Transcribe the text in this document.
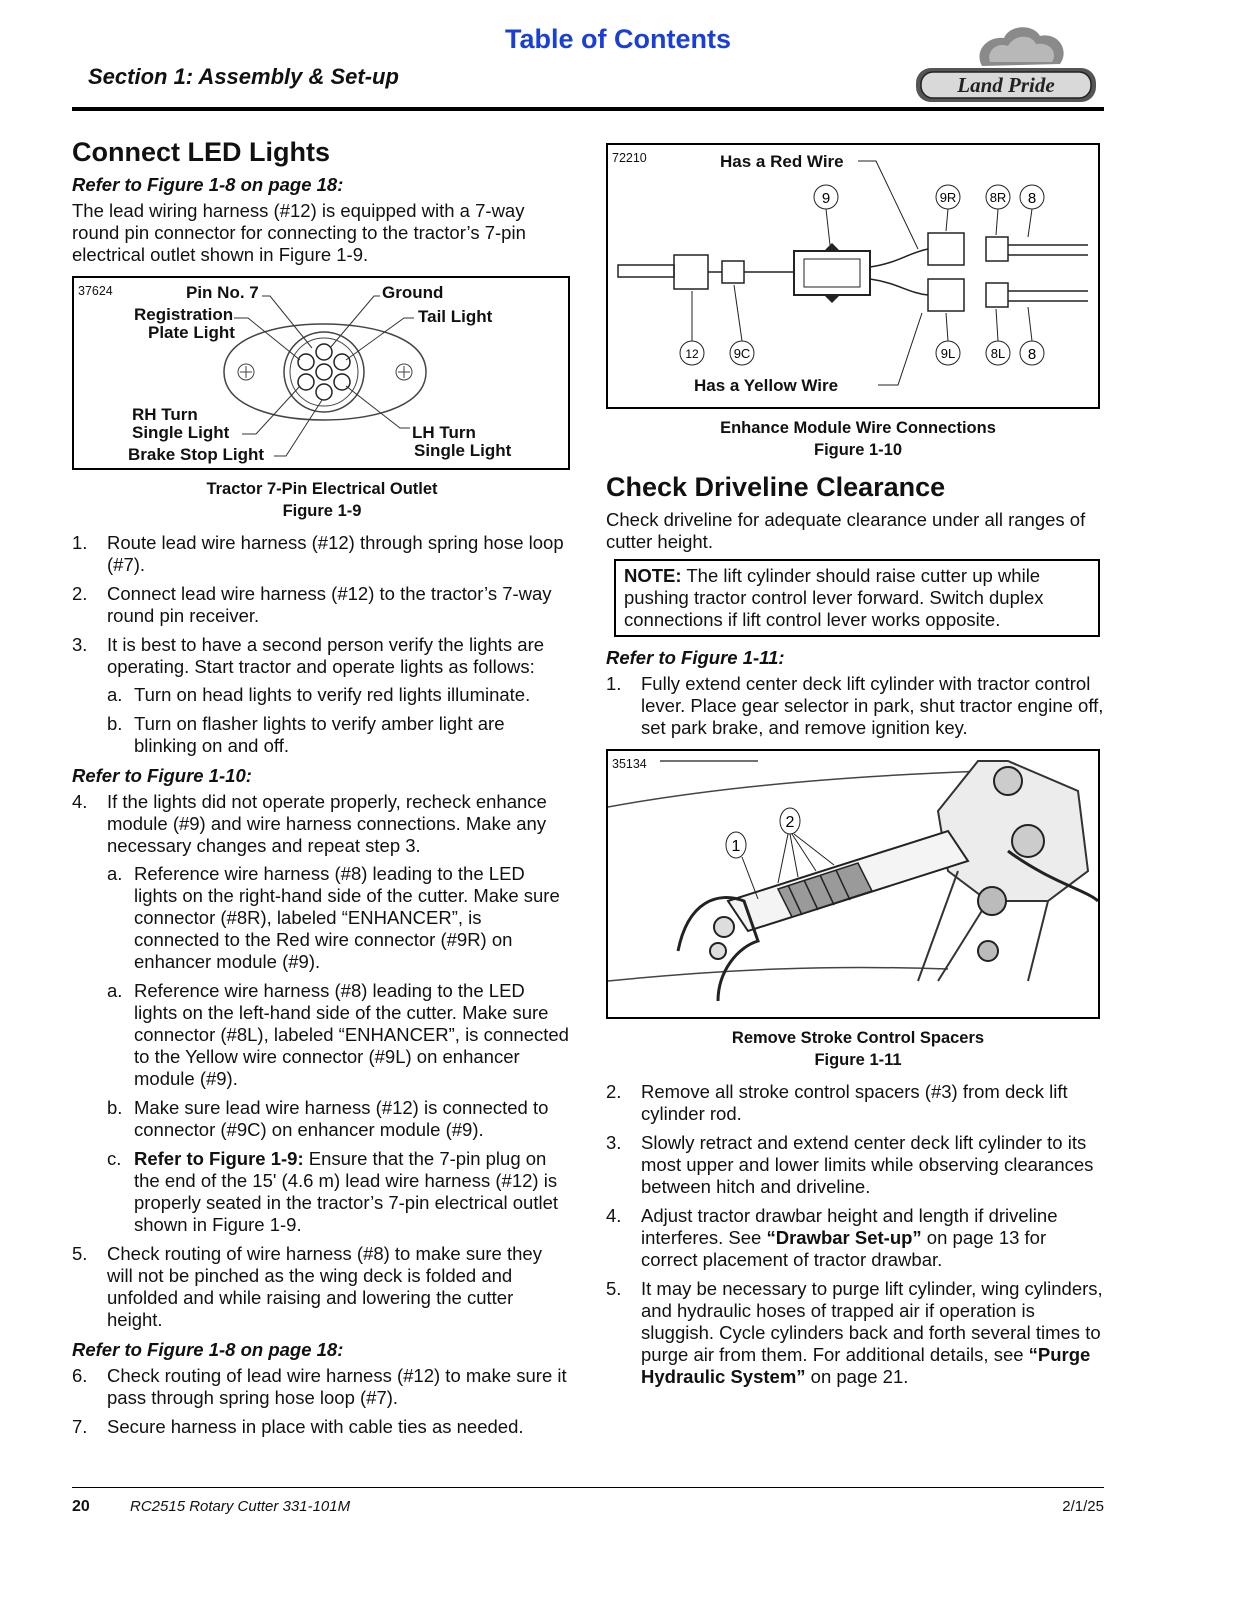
Table of Contents
Section 1: Assembly & Set-up	Land Pride
Connect LED Lights
Refer to Figure 1-8 on page 18:

The lead wiring harness (#12) is equipped with a 7-way round pin connector for connecting to the tractor’s 7-pin electrical outlet shown in Figure 1-9.

37624	Pin No. 7	Ground
Registration
Plate Light
Tail Light
RH Turn
Single Light	LH Turn
Single Light
Brake Stop Light
Tractor 7-Pin Electrical Outlet
Figure 1-9
1. Route lead wire harness (#12) through spring hose loop (#7).
2. Connect lead wire harness (#12) to the tractor’s 7-way round pin receiver.
3. It is best to have a second person verify the lights are operating. Start tractor and operate lights as follows:
a. Turn on head lights to verify red lights illuminate.
b. Turn on flasher lights to verify amber light are blinking on and off.
Refer to Figure 1-10:
4. If the lights did not operate properly, recheck enhance module (#9) and wire harness connections. Make any necessary changes and repeat step 3.
a. Reference wire harness (#8) leading to the LED lights on the right-hand side of the cutter. Make sure connector (#8R), labeled “ENHANCER”, is connected to the Red wire connector (#9R) on enhancer module (#9).
a. Reference wire harness (#8) leading to the LED lights on the left-hand side of the cutter. Make sure connector (#8L), labeled “ENHANCER”, is connected to the Yellow wire connector (#9L) on enhancer module (#9).
b. Make sure lead wire harness (#12) is connected to connector (#9C) on enhancer module (#9).
c. Refer to Figure 1-9: Ensure that the 7-pin plug on the end of the 15' (4.6 m) lead wire harness (#12) is properly seated in the tractor’s 7-pin electrical outlet shown in Figure 1-9.
5. Check routing of wire harness (#8) to make sure they will not be pinched as the wing deck is folded and unfolded and while raising and lowering the cutter height.
Refer to Figure 1-8 on page 18:
6. Check routing of lead wire harness (#12) to make sure it pass through spring hose loop (#7).
7. Secure harness in place with cable ties as needed.
72210	Has a Red Wire
Has a Yellow Wire
9	9R	8R 8
12	9C	9L	8L 8
Enhance Module Wire Connections
Figure 1-10
Check Driveline Clearance

Check driveline for adequate clearance under all ranges of cutter height.

NOTE: The lift cylinder should raise cutter up while pushing tractor control lever forward. Switch duplex connections if lift control lever works opposite.
Refer to Figure 1-11:
1. Fully extend center deck lift cylinder with tractor control lever. Place gear selector in park, shut tractor engine off, set park brake, and remove ignition key.
35134
1
2
Remove Stroke Control Spacers
Figure 1-11
2. Remove all stroke control spacers (#3) from deck lift cylinder rod.
3. Slowly retract and extend center deck lift cylinder to its most upper and lower limits while observing clearances between hitch and driveline.
4. Adjust tractor drawbar height and length if driveline interferes. See “Drawbar Set-up” on page 13 for correct placement of tractor drawbar.
5. It may be necessary to purge lift cylinder, wing cylinders, and hydraulic hoses of trapped air if operation is sluggish. Cycle cylinders back and forth several times to purge air from them. For additional details, see “Purge Hydraulic System” on page 21.
20	RC2515 Rotary Cutter 331-101M	2/1/25
